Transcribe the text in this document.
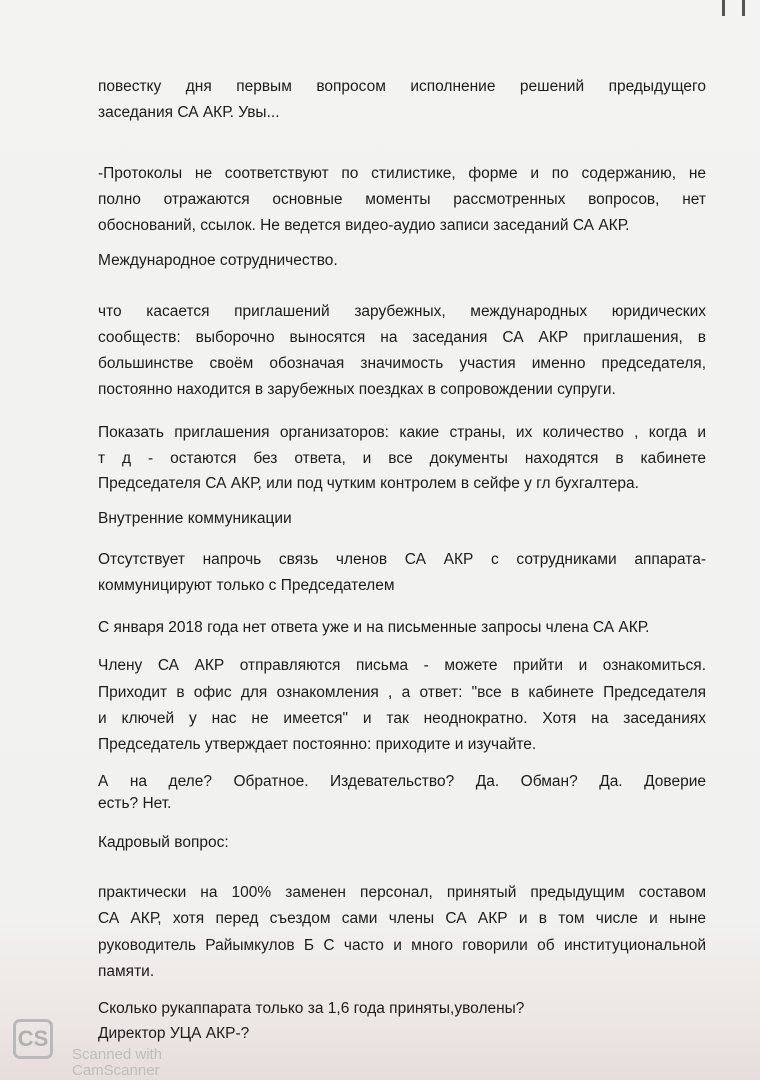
повестку дня первым вопросом исполнение решений предыдущего
заседания СА АКР. Увы...
-Протоколы не соответствуют по стилистике, форме и по содержанию, не
полно отражаются основные моменты рассмотренных вопросов, нет
обоснований, ссылок. Не ведется видео-аудио записи заседаний СА АКР.
Международное сотрудничество.
что касается приглашений зарубежных, международных юридических
сообществ: выборочно выносятся на заседания СА АКР приглашения, в
большинстве своём обозначая значимость участия именно председателя,
постоянно находится в зарубежных поездках в сопровождении супруги.
Показать приглашения организаторов: какие страны, их количество , когда и
т д - остаются без ответа, и все документы находятся в кабинете
Председателя СА АКР, или под чутким контролем в сейфе у гл бухгалтера.
Внутренние коммуникации
Отсутствует напрочь связь членов СА АКР с сотрудниками аппарата-
коммуницируют только с Председателем
С января 2018 года нет ответа уже и на письменные запросы члена СА АКР.
Члену СА АКР отправляются письма - можете прийти и ознакомиться.
Приходит в офис для ознакомления , а ответ: "все в кабинете Председателя
и ключей у нас не имеется" и так неоднократно. Хотя на заседаниях
Председатель утверждает постоянно: приходите и изучайте.
А на деле? Обратное. Издевательство? Да. Обман? Да. Доверие
есть? Нет.
Кадровый вопрос:
практически на 100% заменен персонал, принятый предыдущим составом
СА АКР, хотя перед съездом сами члены СА АКР и в том числе и ныне
руководитель Райымкулов Б С часто и много говорили об институциональной
памяти.
Сколько рукаппарата только за 1,6 года приняты,уволены?
Директор УЦА АКР-?
CS
Scanned with
CamScanner
